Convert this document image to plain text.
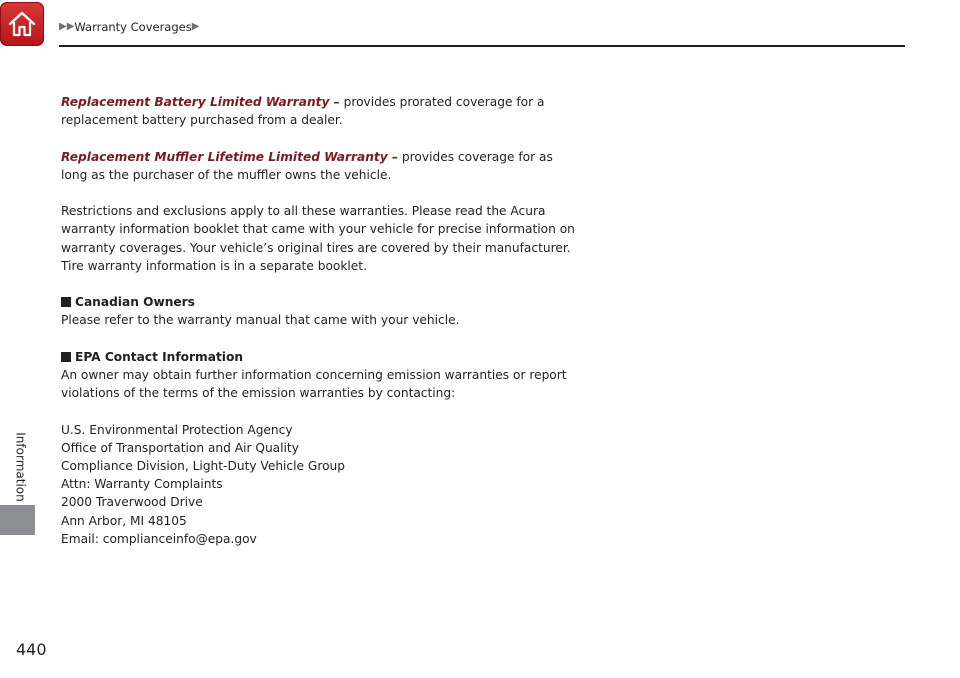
▶▶ Warranty Coverages ▶
Information
440

Replacement Battery Limited Warranty – provides prorated coverage for a replacement battery purchased from a dealer.

Replacement Muffler Lifetime Limited Warranty – provides coverage for as long as the purchaser of the muffler owns the vehicle.

Restrictions and exclusions apply to all these warranties. Please read the Acura warranty information booklet that came with your vehicle for precise information on warranty coverages. Your vehicle’s original tires are covered by their manufacturer. Tire warranty information is in a separate booklet.

Canadian Owners

Please refer to the warranty manual that came with your vehicle.

EPA Contact Information

An owner may obtain further information concerning emission warranties or report violations of the terms of the emission warranties by contacting:

U.S. Environmental Protection Agency
Office of Transportation and Air Quality
Compliance Division, Light-Duty Vehicle Group
Attn: Warranty Complaints
2000 Traverwood Drive
Ann Arbor, MI 48105
Email: complianceinfo@epa.gov
